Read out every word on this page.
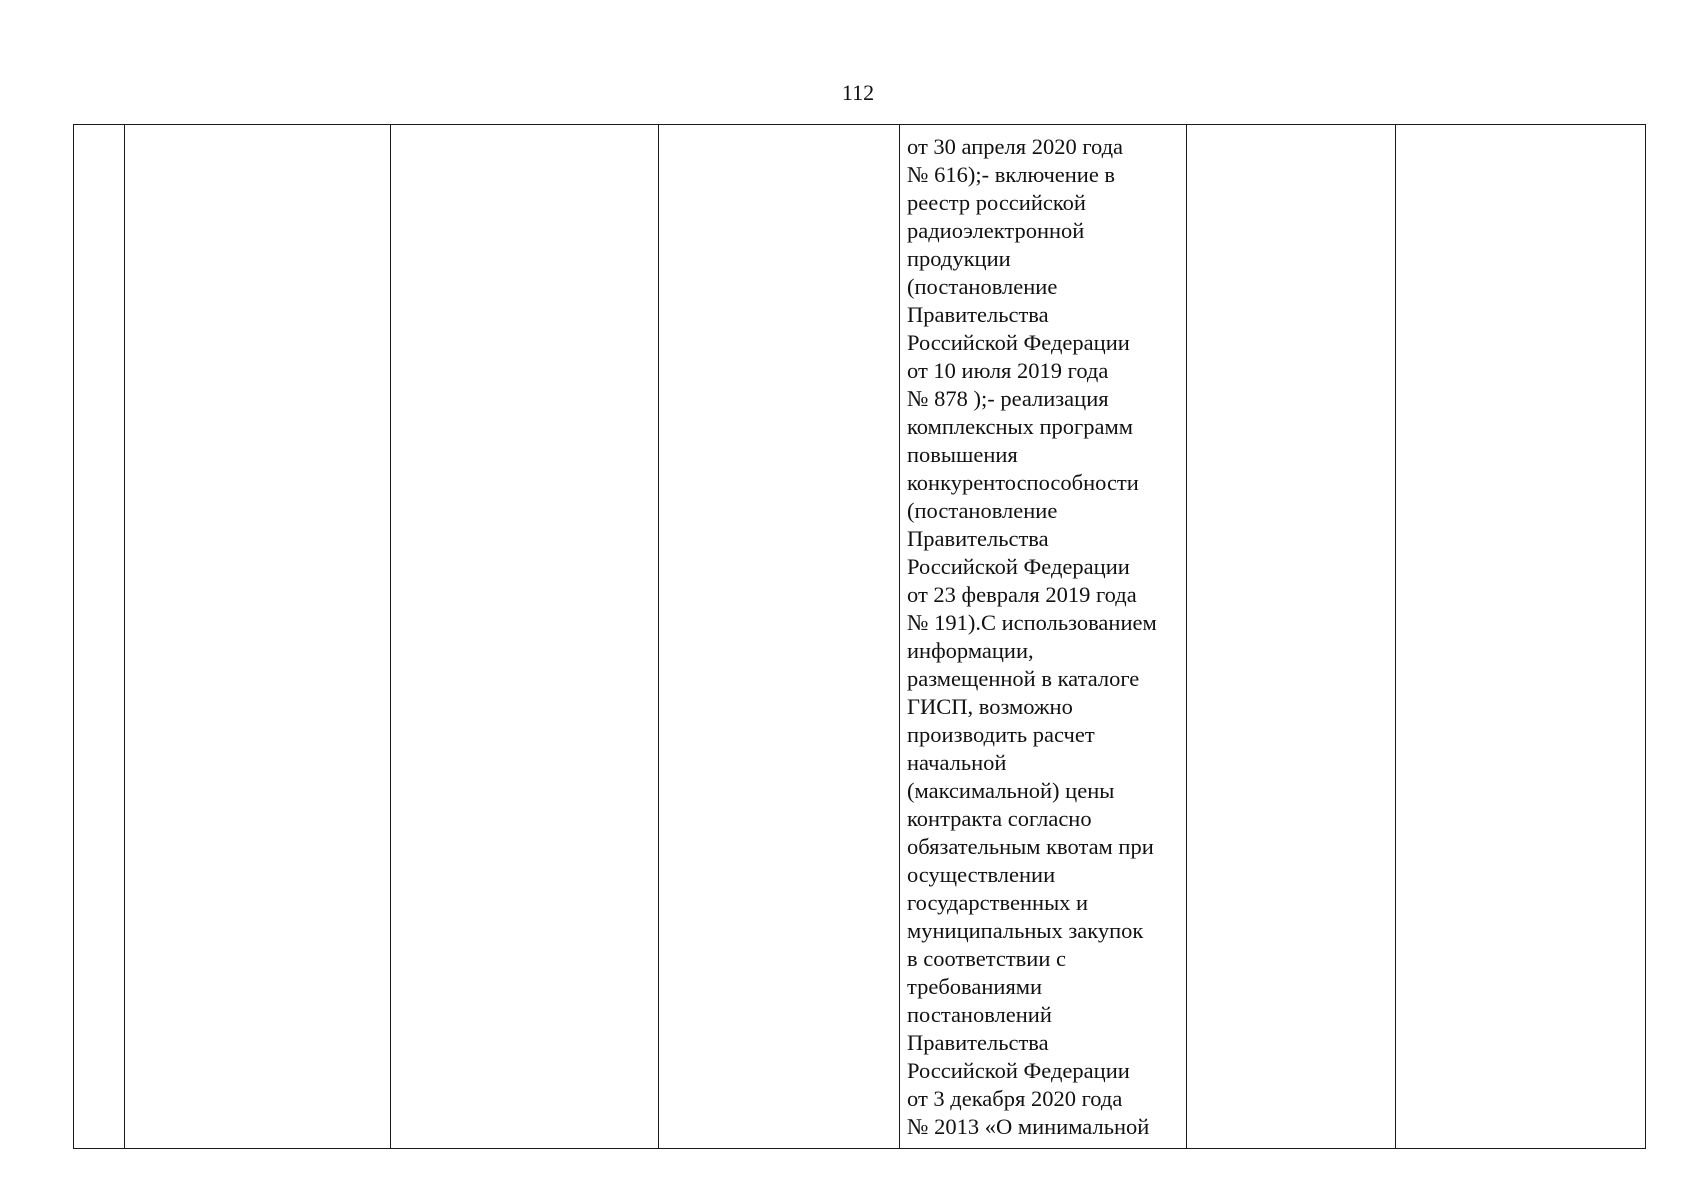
112

от 30 апреля 2020 года
№ 616);- включение в
реестр российской
радиоэлектронной
продукции
(постановление
Правительства
Российской Федерации
от 10 июля 2019 года
№ 878 );- реализация
комплексных программ
повышения
конкурентоспособности
(постановление
Правительства
Российской Федерации
от 23 февраля 2019 года
№ 191).С использованием
информации,
размещенной в каталоге
ГИСП, возможно
производить расчет
начальной
(максимальной) цены
контракта согласно
обязательным квотам при
осуществлении
государственных и
муниципальных закупок
в соответствии с
требованиями
постановлений
Правительства
Российской Федерации
от 3 декабря 2020 года
№ 2013 «О минимальной
